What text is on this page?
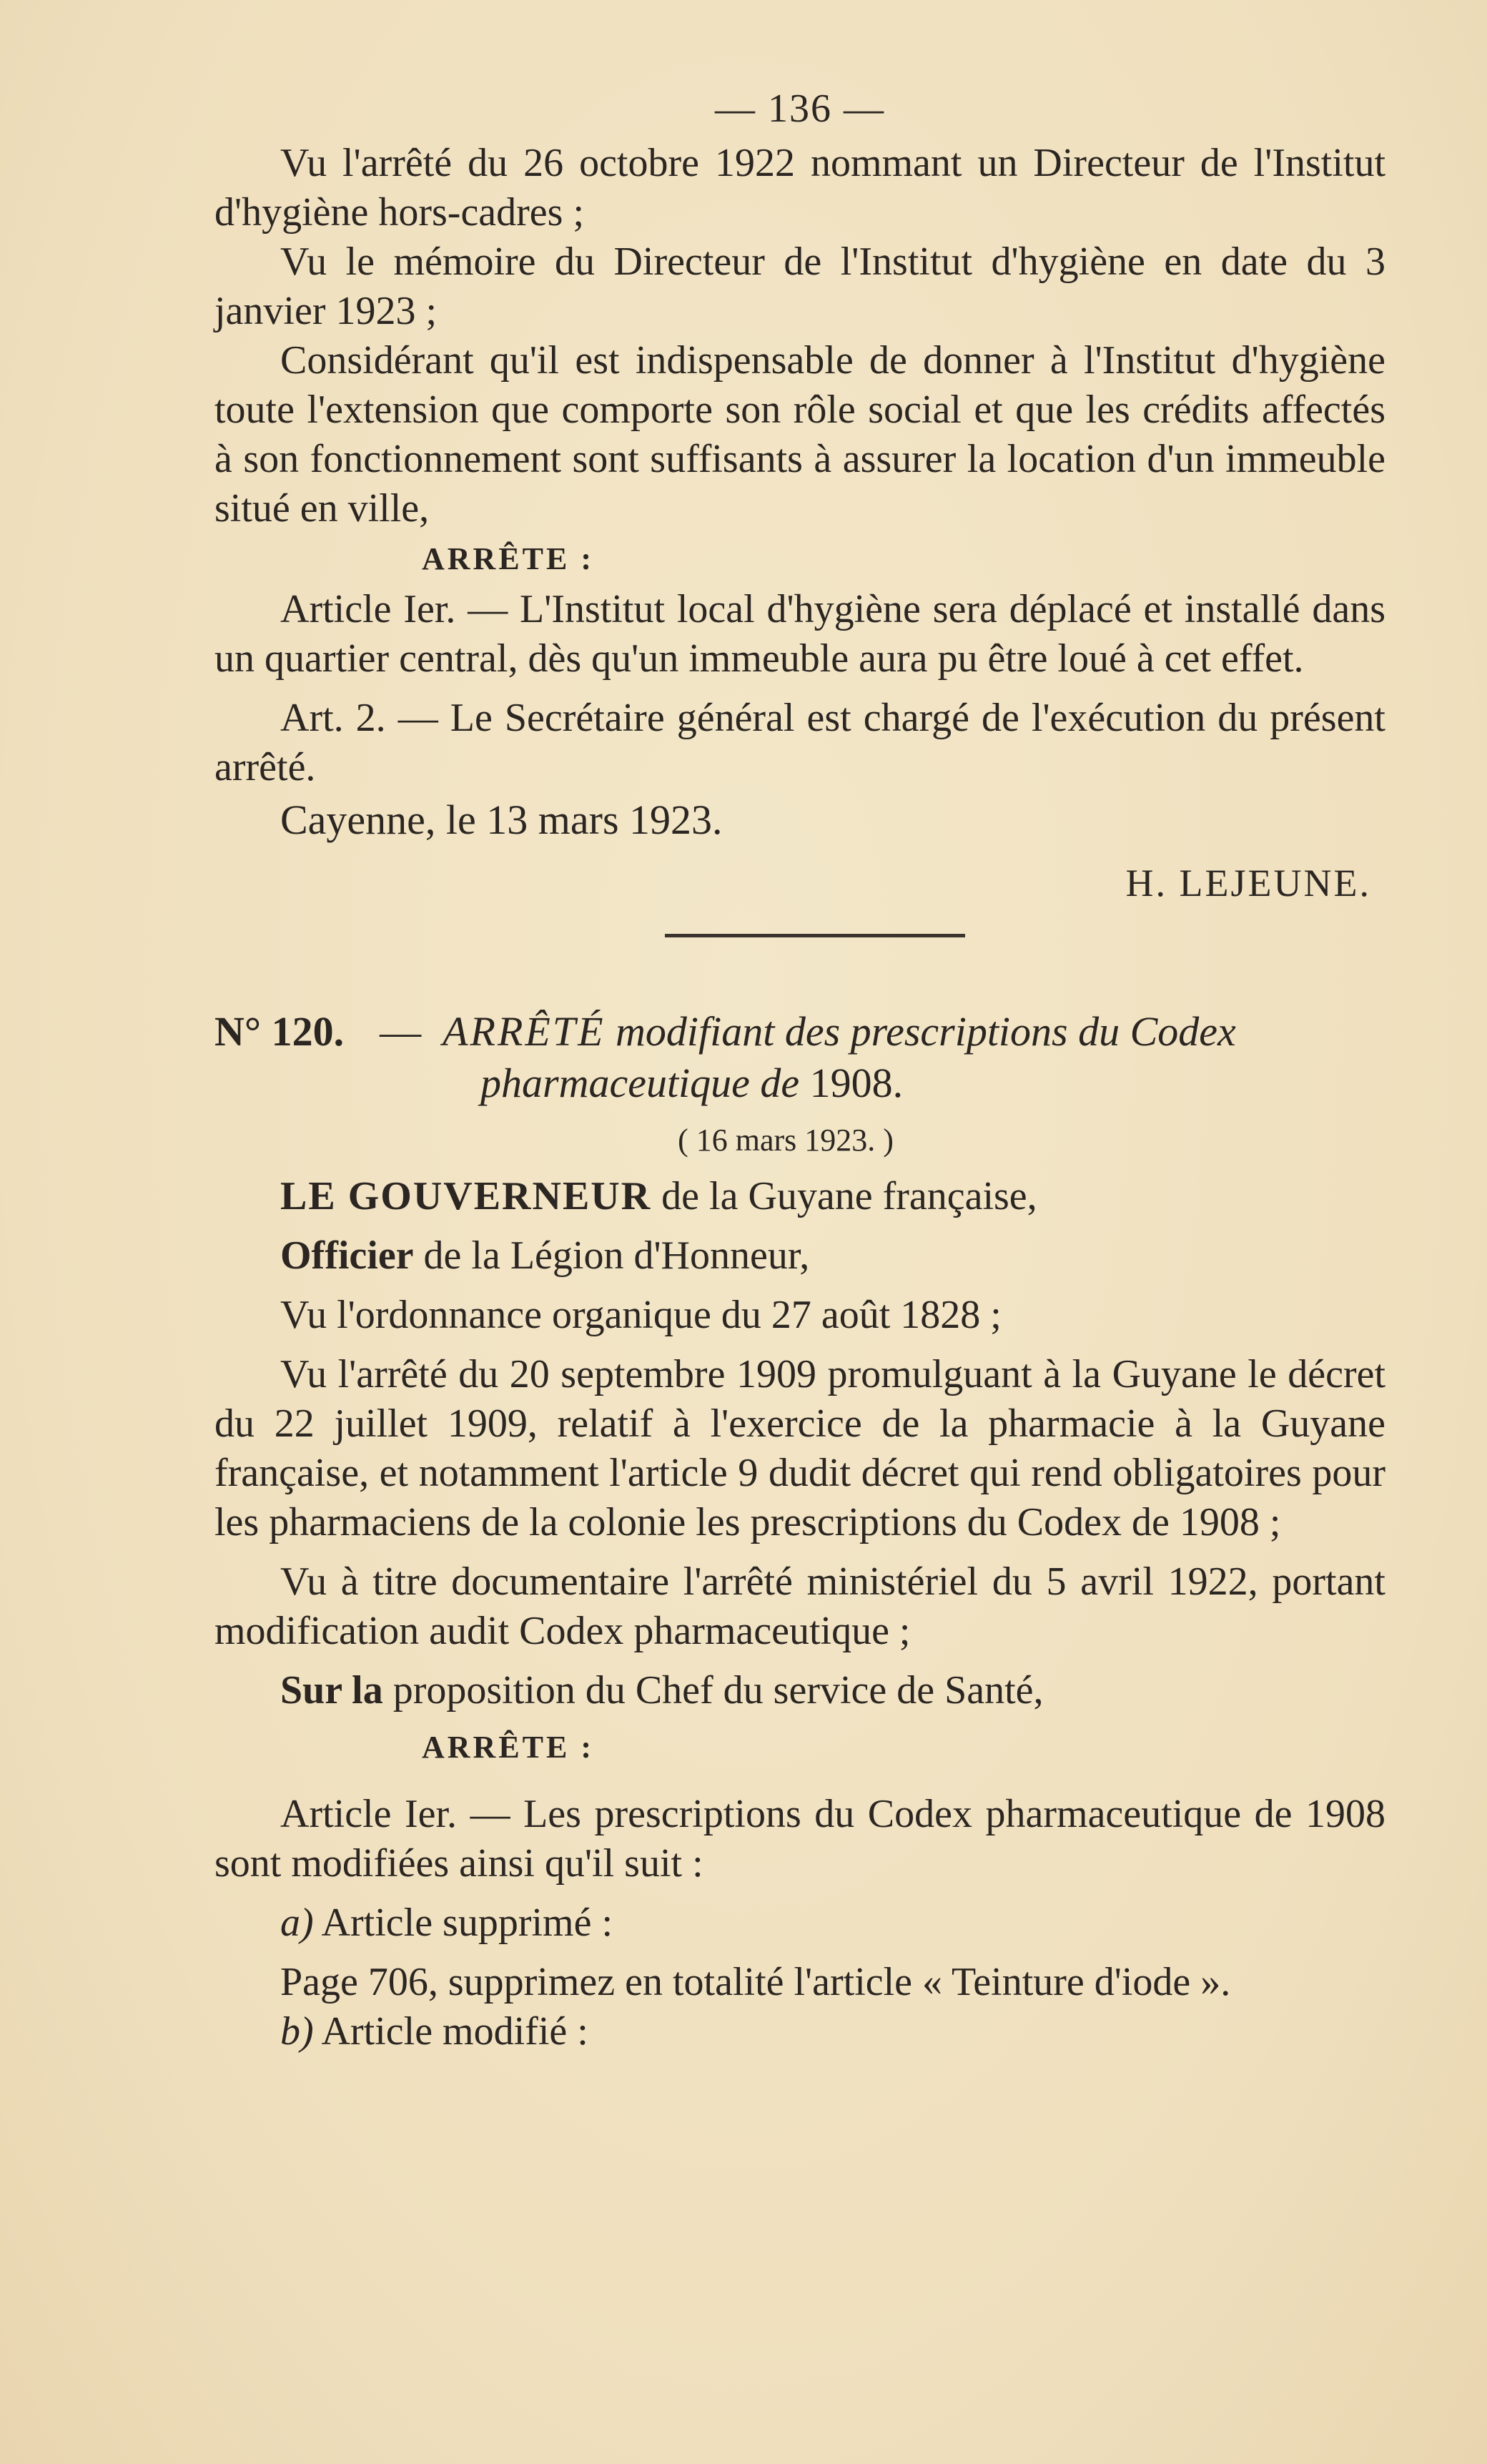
— 136 —

Vu l'arrêté du 26 octobre 1922 nommant un Directeur de l'Institut d'hygiène hors-cadres ;

Vu le mémoire du Directeur de l'Institut d'hygiène en date du 3 janvier 1923 ;

Considérant qu'il est indispensable de donner à l'Institut d'hygiène toute l'extension que comporte son rôle social et que les crédits affectés à son fonctionnement sont suffisants à assurer la location d'un immeuble situé en ville,

ARRÊTE :

Article Ier. — L'Institut local d'hygiène sera déplacé et installé dans un quartier central, dès qu'un immeuble aura pu être loué à cet effet.

Art. 2. — Le Secrétaire général est chargé de l'exécution du présent arrêté.

Cayenne, le 13 mars 1923.
H. LEJEUNE.
N° 120. — ARRÊTÉ modifiant des prescriptions du Codex
pharmaceutique de 1908.
( 16 mars 1923. )

LE GOUVERNEUR de la Guyane française,

Officier de la Légion d'Honneur,

Vu l'ordonnance organique du 27 août 1828 ;

Vu l'arrêté du 20 septembre 1909 promulguant à la Guyane le décret du 22 juillet 1909, relatif à l'exercice de la pharmacie à la Guyane française, et notamment l'article 9 dudit décret qui rend obligatoires pour les pharmaciens de la colonie les prescriptions du Codex de 1908 ;

Vu à titre documentaire l'arrêté ministériel du 5 avril 1922, portant modification audit Codex pharmaceutique ;

Sur la proposition du Chef du service de Santé,

ARRÊTE :

Article Ier. — Les prescriptions du Codex pharmaceutique de 1908 sont modifiées ainsi qu'il suit :

a) Article supprimé :

Page 706, supprimez en totalité l'article « Teinture d'iode ».

b) Article modifié :
